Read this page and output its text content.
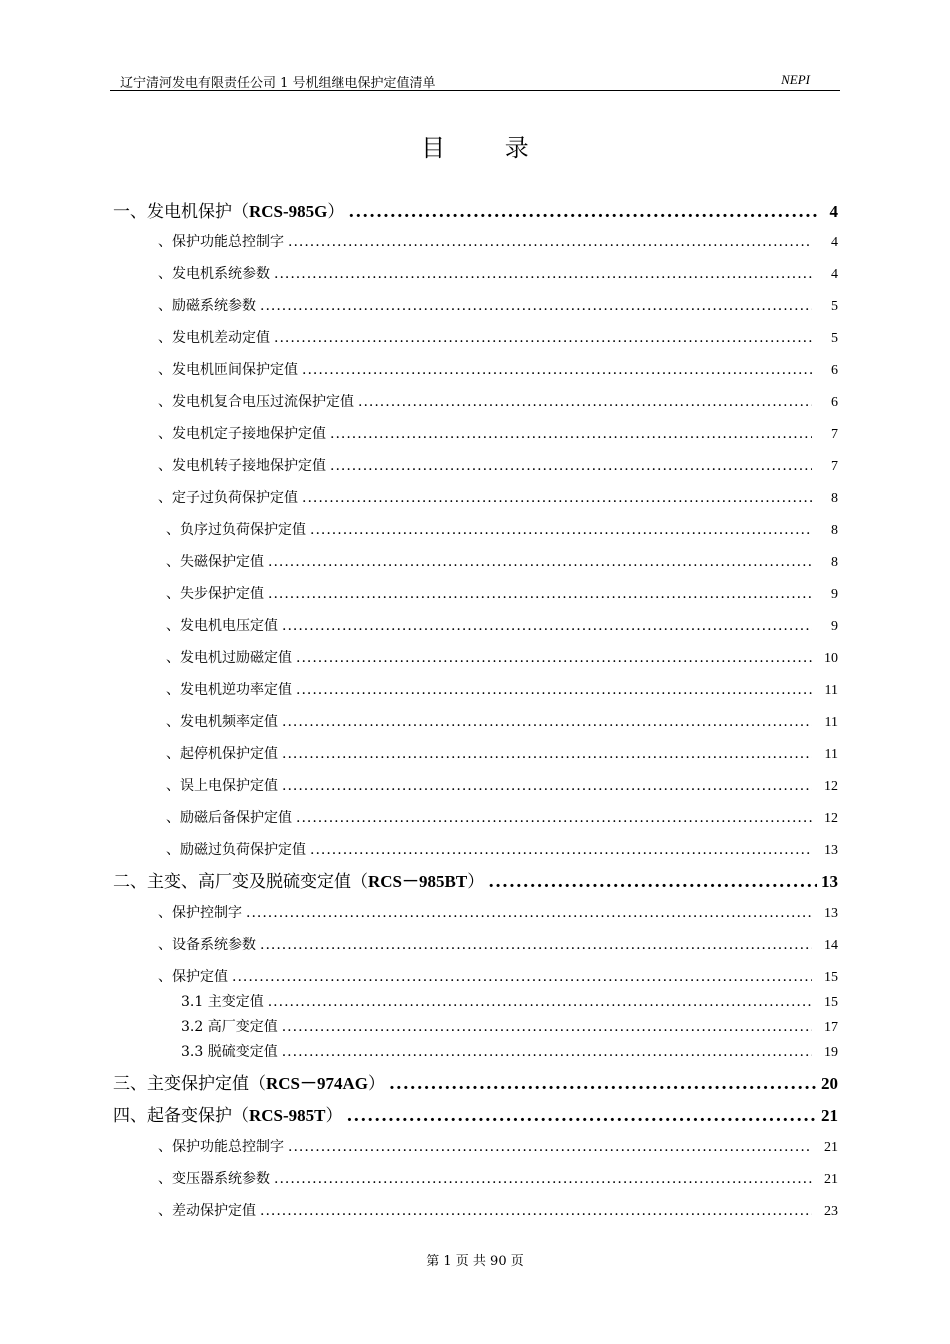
辽宁清河发电有限责任公司 1 号机组继电保护定值清单	NEPI
目 录
一、发电机保护（RCS-985G） .....	4
、保护功能总控制字 .....	4
、发电机系统参数 .....	4
、励磁系统参数 .....	5
、发电机差动定值 .....	5
、发电机匝间保护定值 .....	6
、发电机复合电压过流保护定值 .....	6
、发电机定子接地保护定值 .....	7
、发电机转子接地保护定值 .....	7
、定子过负荷保护定值 .....	8
、负序过负荷保护定值 .....	8
、失磁保护定值 .....	8
、失步保护定值 .....	9
、发电机电压定值 .....	9
、发电机过励磁定值 .....	10
、发电机逆功率定值 .....	11
、发电机频率定值 .....	11
、起停机保护定值 .....	11
、误上电保护定值 .....	12
、励磁后备保护定值 .....	12
、励磁过负荷保护定值 .....	13
二、主变、高厂变及脱硫变定值（RCS－985BT） .....	13
、保护控制字 .....	13
、设备系统参数 .....	14
、保护定值 .....	15
3.1 主变定值 .....	15
3.2 高厂变定值 .....	17
3.3 脱硫变定值 .....	19
三、主变保护定值（RCS－974AG） .....	20
四、起备变保护（RCS-985T） .....	21
、保护功能总控制字 .....	21
、变压器系统参数 .....	21
、差动保护定值 .....	23
第 1 页 共 90 页
